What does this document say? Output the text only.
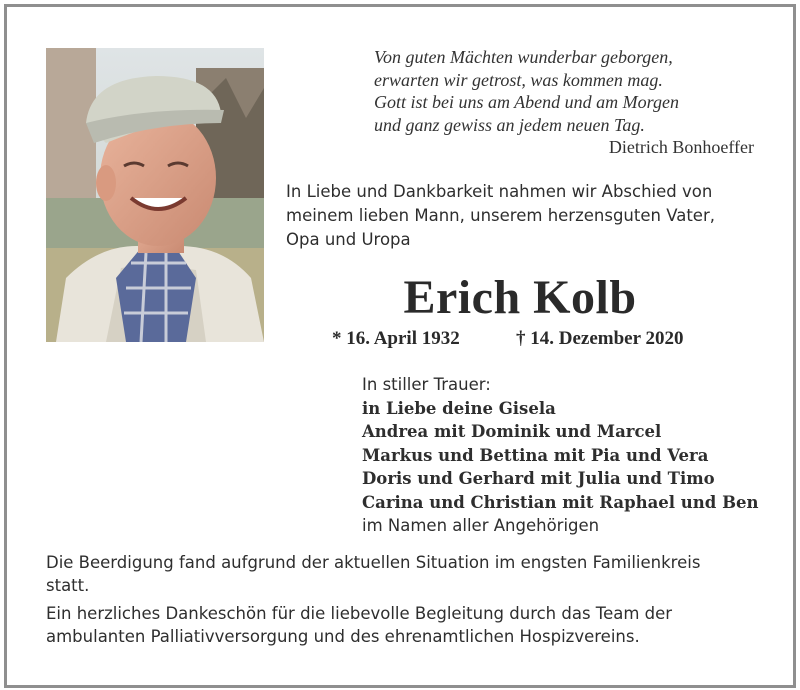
Von guten Mächten wunderbar geborgen,
erwarten wir getrost, was kommen mag.
Gott ist bei uns am Abend und am Morgen
und ganz gewiss an jedem neuen Tag.
Dietrich Bonhoeffer
In Liebe und Dankbarkeit nahmen wir Abschied von
meinem lieben Mann, unserem herzensguten Vater,
Opa und Uropa
Erich Kolb
* 16. April 1932	† 14. Dezember 2020
In stiller Trauer:
in Liebe deine Gisela
Andrea mit Dominik und Marcel
Markus und Bettina mit Pia und Vera
Doris und Gerhard mit Julia und Timo
Carina und Christian mit Raphael und Ben
im Namen aller Angehörigen
Die Beerdigung fand aufgrund der aktuellen Situation im engsten Familienkreis
statt.
Ein herzliches Dankeschön für die liebevolle Begleitung durch das Team der
ambulanten Palliativversorgung und des ehrenamtlichen Hospizvereins.
